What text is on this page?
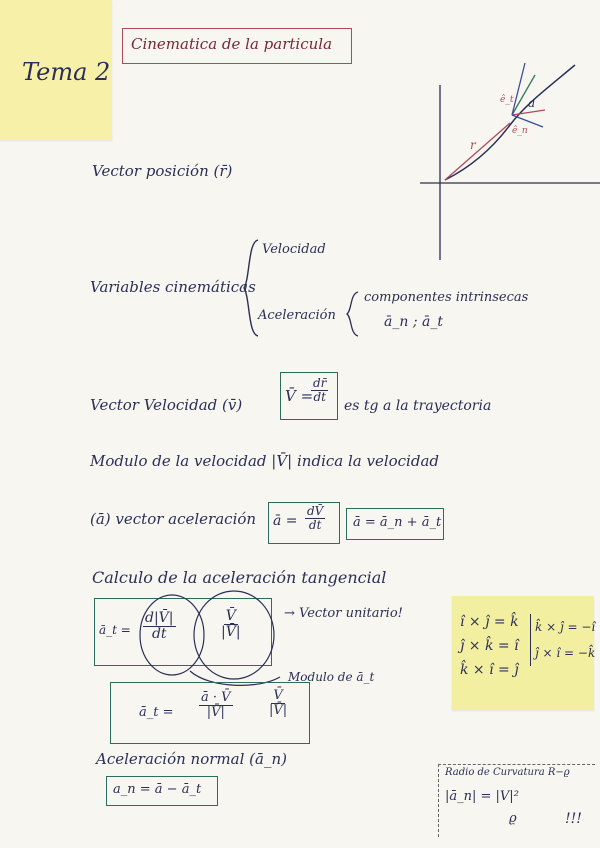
Tema 2
Cinematica de la particula
a
r
ê_t
ê_n
Vector posición (r̄)
Variables cinemáticas
Velocidad
Aceleración
componentes intrinsecas
ā_n ; ā_t
Vector Velocidad (v̄)	V̄ =
$\frac{dr̄}{dt}$
es tg a la trayectoria
Modulo de la velocidad |V̄| indica la velocidad
(ā) vector aceleración ā = $\frac{dV̄}{dt}$ ā = ā_n + ā_t
Calculo de la aceleración tangencial
ā_t = $\frac{d|V̄|}{dt}$	$\frac{V̄}{|V̄|}$	→ Vector unitario!
Modulo de ā_t
ā_t = $\frac{ā \cdot V̄}{|V̄|}$	$\frac{V̄}{|V̄|}$
Aceleración normal (ā_n)
a_n = ā − ā_t
î × ĵ = k̂
ĵ × k̂ = î
k̂ × î = ĵ
k̂ × ĵ = −î
ĵ × î = −k̂
Radio de Curvatura R−ϱ
|ā_n| = |V|²
ϱ	!!!
